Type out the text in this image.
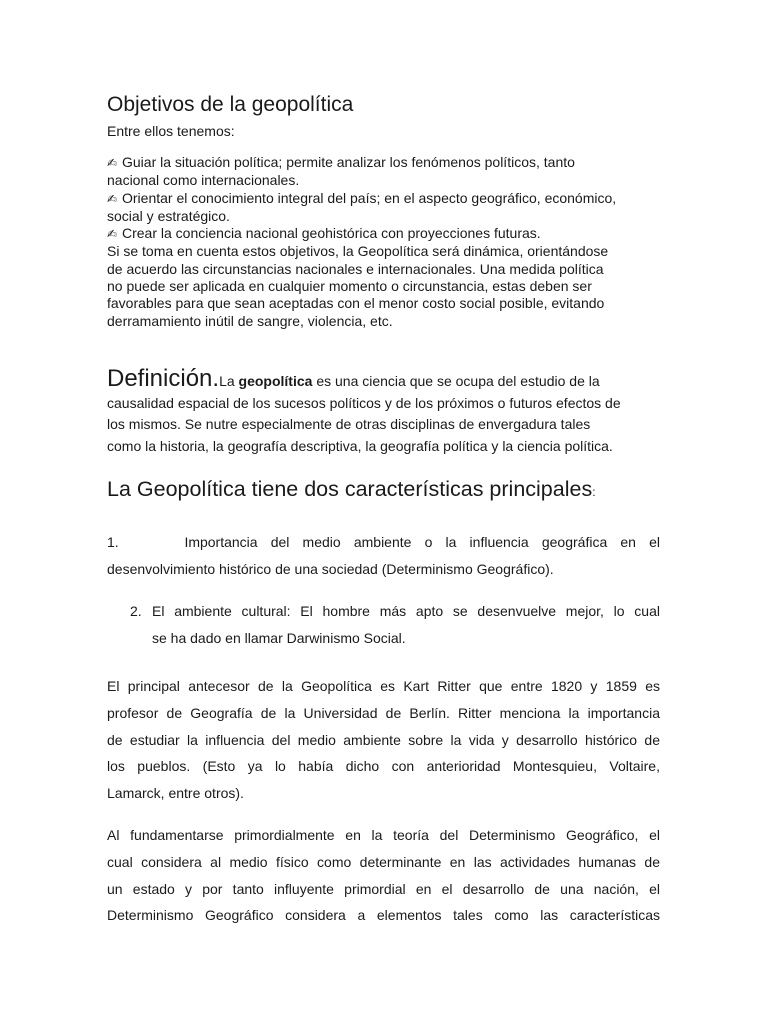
Objetivos de la geopolítica
Entre ellos tenemos:

✍ Guiar la situación política; permite analizar los fenómenos políticos, tanto

nacional como internacionales.

✍ Orientar el conocimiento integral del país; en el aspecto geográfico, económico,

social y estratégico.

✍ Crear la conciencia nacional geohistórica con proyecciones futuras.

Si se toma en cuenta estos objetivos, la Geopolítica será dinámica, orientándose

de acuerdo las circunstancias nacionales e internacionales. Una medida política

no puede ser aplicada en cualquier momento o circunstancia, estas deben ser

favorables para que sean aceptadas con el menor costo social posible, evitando

derramamiento inútil de sangre, violencia, etc.

Definición.La geopolítica es una ciencia que se ocupa del estudio de la
causalidad espacial de los sucesos políticos y de los próximos o futuros efectos de
los mismos. Se nutre especialmente de otras disciplinas de envergadura tales
como la historia, la geografía descriptiva, la geografía política y la ciencia política.
La Geopolítica tiene dos características principales:
1.	Importancia del medio ambiente o la influencia geográfica en el
desenvolvimiento histórico de una sociedad (Determinismo Geográfico).
2. El ambiente cultural: El hombre más apto se desenvuelve mejor, lo cual
se ha dado en llamar Darwinismo Social.
El principal antecesor de la Geopolítica es Kart Ritter que entre 1820 y 1859 es
profesor de Geografía de la Universidad de Berlín. Ritter menciona la importancia
de estudiar la influencia del medio ambiente sobre la vida y desarrollo histórico de
los pueblos. (Esto ya lo había dicho con anterioridad Montesquieu, Voltaire,
Lamarck, entre otros).
Al fundamentarse primordialmente en la teoría del Determinismo Geográfico, el
cual considera al medio físico como determinante en las actividades humanas de
un estado y por tanto influyente primordial en el desarrollo de una nación, el
Determinismo Geográfico considera a elementos tales como las características
